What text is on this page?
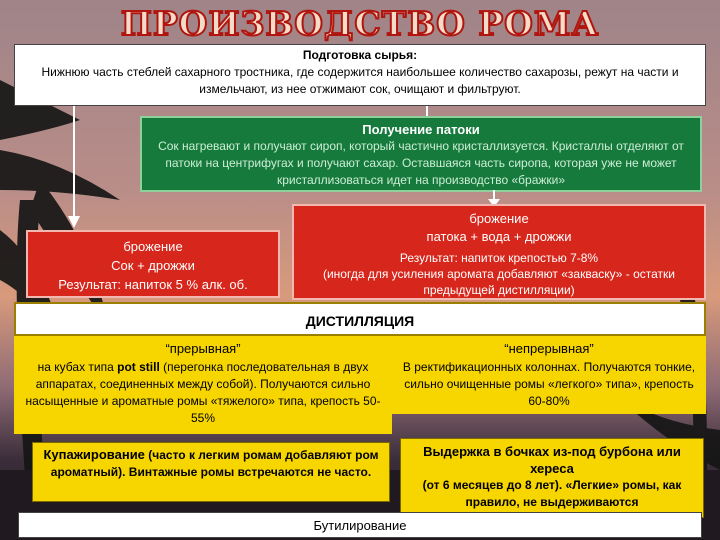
ПРОИЗВОДСТВО РОМА
Подготовка сырья:
Нижнюю часть стеблей сахарного тростника, где содержится наибольшее количество сахарозы, режут на части и измельчают, из нее отжимают сок, очищают и фильтруют.
Получение патоки
Сок нагревают и получают сироп, который частично кристаллизуется. Кристаллы отделяют от патоки на центрифугах и получают сахар. Оставшаяся часть сиропа, которая уже не может кристаллизоваться идет на производство «бражки»
брожение
Сок + дрожжи
Результат: напиток 5 % алк. об.
брожение
патока + вода + дрожжи
Результат: напиток крепостью 7-8%
(иногда для усиления аромата добавляют «закваску» - остатки предыдущей дистилляции)
ДИСТИЛЛЯЦИЯ
“прерывная”
на кубах типа pot still (перегонка последовательная в двух аппаратах, соединенных между собой). Получаются сильно насыщенные и ароматные ромы «тяжелого» типа, крепость 50-55%
“непрерывная”
В ректификационных колоннах. Получаются тонкие, сильно очищенные ромы «легкого» типа», крепость 60-80%
Купажирование (часто к легким ромам добавляют ром ароматный). Винтажные ромы встречаются не часто.
Выдержка в бочках из-под бурбона или хереса
(от 6 месяцев до 8 лет). «Легкие» ромы, как правило, не выдерживаются
Бутилирование
